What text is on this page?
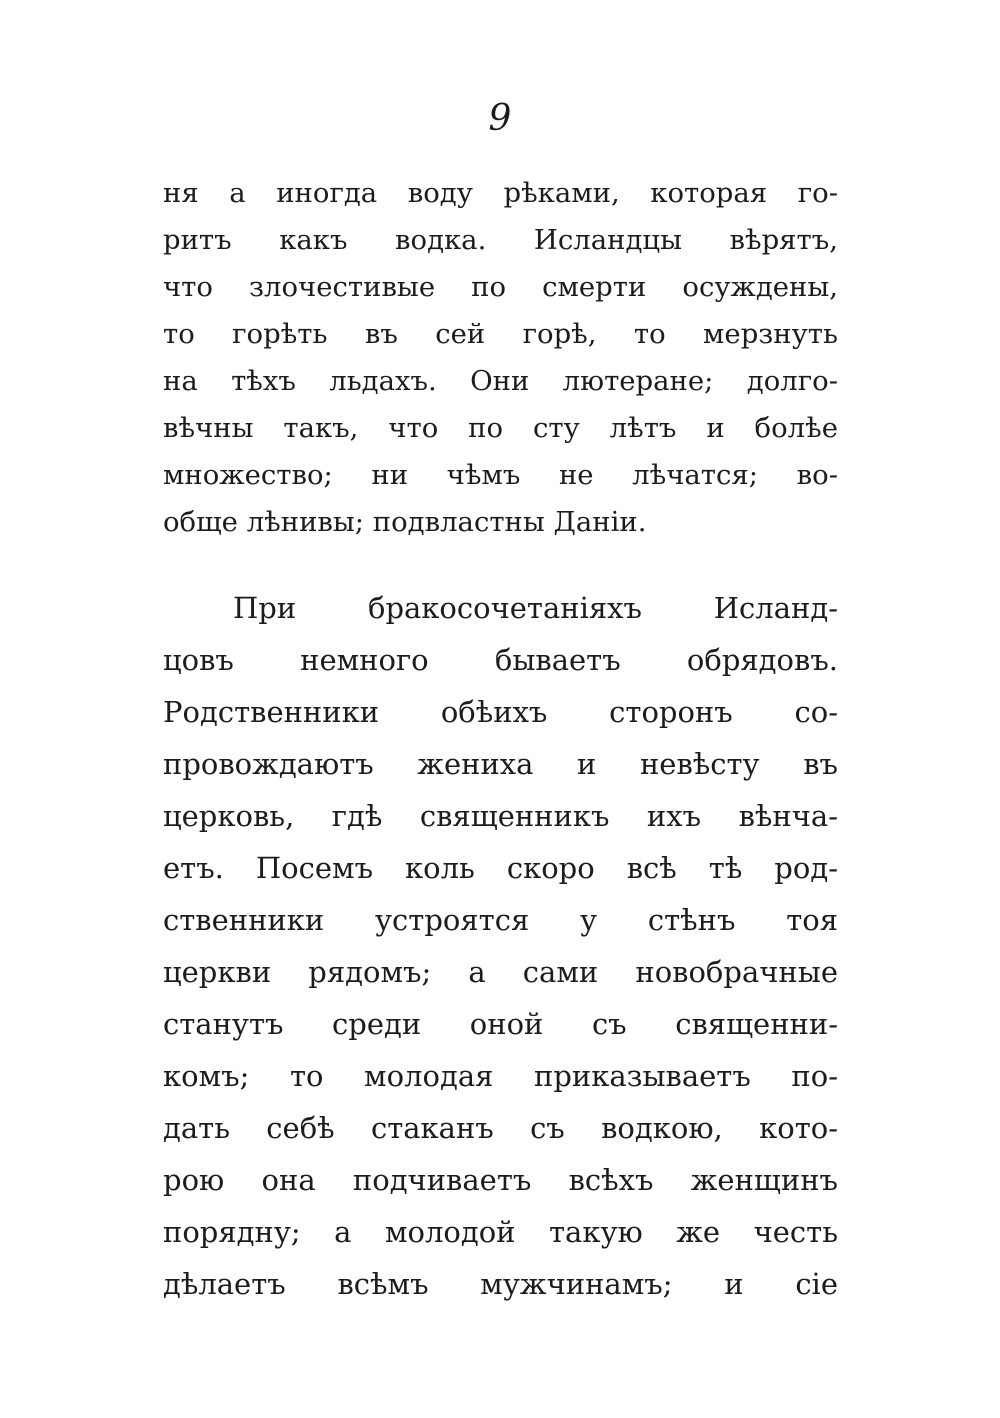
9
ня а иногда воду рѣками, которая го-
ритъ какъ водка. Исландцы вѣрятъ,
что злочестивые по смерти осуждены,
то горѣть въ сей горѣ, то мерзнуть
на тѣхъ льдахъ. Они лютеране; долго-
вѣчны такъ, что по сту лѣтъ и болѣе
множество; ни чѣмъ не лѣчатся; во-
обще лѣнивы; подвластны Даніи.
При бракосочетаніяхъ Исланд-
цовъ немного бываетъ обрядовъ.
Родственники обѣихъ сторонъ со-
провождаютъ жениха и невѣсту въ
церковь, гдѣ священникъ ихъ вѣнча-
етъ. Посемъ коль скоро всѣ тѣ род-
ственники устроятся у стѣнъ тоя
церкви рядомъ; а сами новобрачные
станутъ среди оной съ священни-
комъ; то молодая приказываетъ по-
дать себѣ стаканъ съ водкою, кото-
рою она подчиваетъ всѣхъ женщинъ
порядну; а молодой такую же честь
дѣлаетъ всѣмъ мужчинамъ; и сіе
